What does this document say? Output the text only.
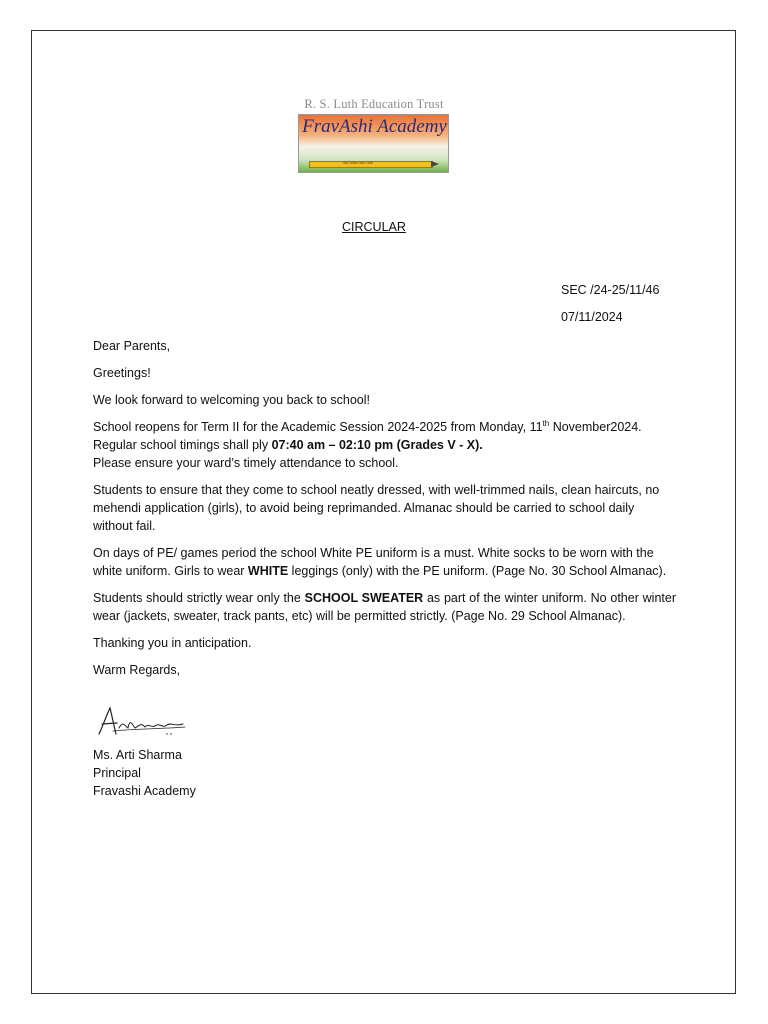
R. S. Luth Education Trust
FravAshi Academy
We Learn We Care
CIRCULAR
SEC /24-25/11/46
07/11/2024

Dear Parents,

Greetings!

We look forward to welcoming you back to school!

School reopens for Term II for the Academic Session 2024-2025 from Monday, 11th November2024.
Regular school timings shall ply 07:40 am – 02:10 pm (Grades V - X).
Please ensure your ward’s timely attendance to school.

Students to ensure that they come to school neatly dressed, with well-trimmed nails, clean haircuts, no mehendi application (girls), to avoid being reprimanded. Almanac should be carried to school daily without fail.

On days of PE/ games period the school White PE uniform is a must. White socks to be worn with the white uniform. Girls to wear WHITE leggings (only) with the PE uniform. (Page No. 30 School Almanac).

Students should strictly wear only the SCHOOL SWEATER as part of the winter uniform. No other winter wear (jackets, sweater, track pants, etc) will be permitted strictly. (Page No. 29 School Almanac).

Thanking you in anticipation.

Warm Regards,

Ms. Arti Sharma
Principal
Fravashi Academy
